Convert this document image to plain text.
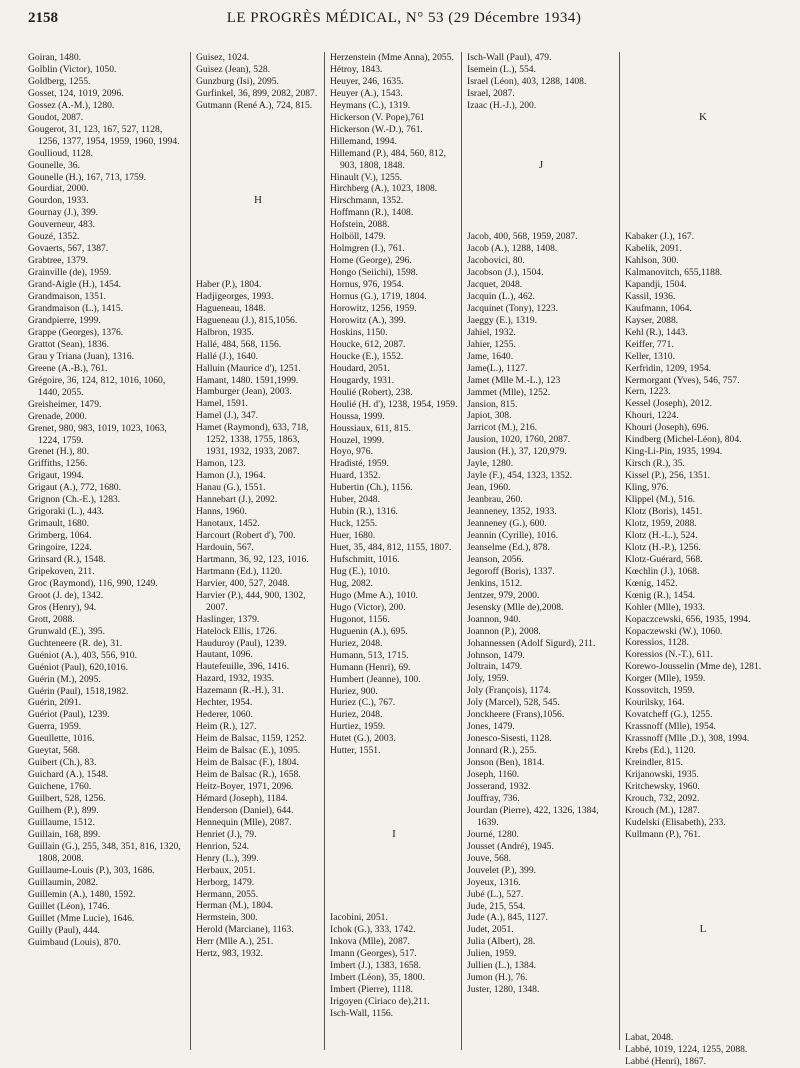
2158	LE PROGRÈS MÉDICAL, N° 53 (29 Décembre 1934)
Goiran, 1480.
Golblin (Victor), 1050.
Goldberg, 1255.
Gosset, 124, 1019, 2096.
Gossez (A.-M.), 1280.
Goudot, 2087.
Gougerot, 31, 123, 167, 527, 1128, 1256, 1377, 1954, 1959, 1960, 1994.
Goullioud, 1128.
Gounelle, 36.
Gounelle (H.), 167, 713, 1759.
Gourdiat, 2000.
Gourdon, 1933.
Gournay (J.), 399.
Gouverneur, 483.
Gouzé, 1352.
Govaerts, 567, 1387.
Grabtree, 1379.
Grainville (de), 1959.
Grand-Aigle (H.), 1454.
Grandmaison, 1351.
Grandmaison (L.), 1415.
Grandpierre, 1999.
Grappe (Georges), 1376.
Grattot (Sean), 1836.
Grau y Triana (Juan), 1316.
Greene (A.-B.), 761.
Grégoire, 36, 124, 812, 1016, 1060, 1440, 2055.
Greisheimer, 1479.
Grenade, 2000.
Grenet, 980, 983, 1019, 1023, 1063, 1224, 1759.
Grenet (H.), 80.
Griffiths, 1256.
Grigaut, 1994.
Grigaut (A.), 772, 1680.
Grignon (Ch.-E.), 1283.
Grigoraki (L.), 443.
Grimault, 1680.
Grimberg, 1064.
Gringoire, 1224.
Grinsard (R.), 1548.
Gripekoven, 211.
Groc (Raymond), 116, 990, 1249.
Groot (J. de), 1342.
Gros (Henry), 94.
Grott, 2088.
Grunwald (E.), 395.
Guchteneere (R. de), 31.
Guéniot (A.), 403, 556, 910.
Guéniot (Paul), 620,1016.
Guérin (M.), 2095.
Guérin (Paul), 1518,1982.
Guérin, 2091.
Guériot (Paul), 1239.
Guerra, 1959.
Gueullette, 1016.
Gueytat, 568.
Guibert (Ch.), 83.
Guichard (A.), 1548.
Guichene, 1760.
Guilbert, 528, 1256.
Guilhem (P.), 899.
Guillaume, 1512.
Guillain, 168, 899.
Guillain (G.), 255, 348, 351, 816, 1320, 1808, 2008.
Guillaume-Louis (P.), 303, 1686.
Guillaumin, 2082.
Guillemin (A.), 1480, 1592.
Guillet (Léon), 1746.
Guillet (Mme Lucie), 1646.
Guilly (Paul), 444.
Guimbaud (Louis), 870.
Guisez, 1024.
Guisez (Jean), 528.
Gunzburg (Isi), 2095.
Gurfinkel, 36, 899, 2082, 2087.
Gutmann (René A.), 724, 815.
H
Haber (P.), 1804.
Hadjigeorges, 1993.
Hagueneau, 1848.
Hagueneau (J.), 815,1056.
Halbron, 1935.
Hallé, 484, 568, 1156.
Hallé (J.), 1640.
Halluin (Maurice d'), 1251.
Hamant, 1480. 1591,1999.
Hamburger (Jean), 2003.
Hamel, 1591.
Hamel (J.), 347.
Hamet (Raymond), 633, 718, 1252, 1338, 1755, 1863, 1931, 1932, 1933, 2087.
Hamon, 123.
Hamon (J.), 1964.
Hanau (G.), 1551.
Hannebart (J.), 2092.
Hanns, 1960.
Hanotaux, 1452.
Harcourt (Robert d'), 700.
Hardouin, 567.
Hartmann, 36, 92, 123, 1016.
Hartmann (Ed.), 1120.
Harvier, 400, 527, 2048.
Harvier (P.), 444, 900, 1302, 2007.
Haslinger, 1379.
Hatelock Ellis, 1726.
Hauduroy (Paul), 1239.
Hautant, 1096.
Hautefeuille, 396, 1416.
Hazard, 1932, 1935.
Hazemann (R.-H.), 31.
Hechter, 1954.
Hederer, 1060.
Heim (R.), 127.
Heim de Balsac, 1159, 1252.
Heim de Balsac (E.), 1095.
Heim de Balsac (F.), 1804.
Heim de Balsac (R.), 1658.
Heitz-Boyer, 1971, 2096.
Hémard (Joseph), 1184.
Henderson (Daniel), 644.
Hennequin (Mlle), 2087.
Henriet (J.), 79.
Henrion, 524.
Henry (L.), 399.
Herbaux, 2051.
Herborg, 1479.
Hermann, 2055.
Herman (M.), 1804.
Hermstein, 300.
Herold (Marciane), 1163.
Herr (Mlle A.), 251.
Hertz, 983, 1932.
Herzenstein (Mme Anna), 2055.
Hétroy, 1843.
Heuyer, 246, 1635.
Heuyer (A.), 1543.
Heymans (C.), 1319.
Hickerson (V. Pope),761
Hickerson (W.-D.), 761.
Hillemand, 1994.
Hillemand (P.), 484, 560, 812, 903, 1808, 1848.
Hinault (V.), 1255.
Hirchberg (A.), 1023, 1808.
Hirschmann, 1352.
Hoffmann (R.), 1408.
Hofstein, 2088.
Holböll, 1479.
Holmgren (I.), 761.
Home (George), 296.
Hongo (Seiichi), 1598.
Hornus, 976, 1954.
Hornus (G.), 1719, 1804.
Horowitz, 1256, 1959.
Horowitz (A.), 399.
Hoskins, 1150.
Houcke, 612, 2087.
Houcke (E.), 1552.
Houdard, 2051.
Hougardy, 1931.
Houlié (Robert), 238.
Houlié (H. d'), 1238, 1954, 1959.
Houssa, 1999.
Houssiaux, 611, 815.
Houzel, 1999.
Hoyo, 976.
Hradisté, 1959.
Huard, 1352.
Hubertin (Ch.), 1156.
Huber, 2048.
Hubin (R.), 1316.
Huck, 1255.
Huer, 1680.
Huet, 35, 484, 812, 1155, 1807.
Hufschmitt, 1016.
Hug (E.), 1010.
Hug, 2082.
Hugo (Mme A.), 1010.
Hugo (Victor), 200.
Hugonot, 1156.
Huguenin (A.), 695.
Huriez, 2048.
Humann, 513, 1715.
Humann (Henri), 69.
Humbert (Jeanne), 100.
Huriez, 900.
Huriez (C.), 767.
Huriez, 2048.
Hurtiez, 1959.
Hutet (G.), 2003.
Hutter, 1551.
I
Iacobini, 2051.
Ichok (G.), 333, 1742.
Inkova (Mlle), 2087.
Imann (Georges), 517.
Imbert (J.), 1383, 1658.
Imbert (Léon), 35, 1800.
Imbert (Pierre), 1118.
Irigoyen (Ciriaco de),211.
Isch-Wall, 1156.
Isch-Wall (Paul), 479.
Isemein (L.), 554.
Israel (Léon), 403, 1288, 1408.
Israel, 2087.
Izaac (H.-J.), 200.
J
Jacob, 400, 568, 1959, 2087.
Jacob (A.), 1288, 1408.
Jacobovici, 80.
Jacobson (J.), 1504.
Jacquet, 2048.
Jacquin (L.), 462.
Jacquinet (Tony), 1223.
Jaeggy (E.), 1319.
Jahiel, 1932.
Jahier, 1255.
Jame, 1640.
Jame(L.), 1127.
Jamet (Mlle M.-L.), 123
Jammet (Mlle), 1252.
Jansion, 815.
Japiot, 308.
Jarricot (M.), 216.
Jausion, 1020, 1760, 2087.
Jausion (H.), 37, 120,979.
Jayle, 1280.
Jayle (F.), 454, 1323, 1352.
Jean, 1960.
Jeanbrau, 260.
Jeanneney, 1352, 1933.
Jeanneney (G.), 600.
Jeannin (Cyrille), 1016.
Jeanselme (Ed.), 878.
Jeanson, 2056.
Jegoroff (Boris), 1337.
Jenkins, 1512.
Jentzer, 979, 2000.
Jesensky (Mlle de),2008.
Joannon, 940.
Joannon (P.), 2008.
Johannessen (Adolf Sigurd), 211.
Johnson, 1479.
Joltrain, 1479.
Joly, 1959.
Joly (François), 1174.
Joly (Marcel), 528, 545.
Jonckheere (Frans),1056.
Jones, 1479.
Jonesco-Sisesti, 1128.
Jonnard (R.), 255.
Jonson (Ben), 1814.
Joseph, 1160.
Josserand, 1932.
Jouffray, 736.
Jourdan (Pierre), 422, 1326, 1384, 1639.
Journé, 1280.
Jousset (André), 1945.
Jouve, 568.
Jouvelet (P.), 399.
Joyeux, 1316.
Jubé (L.), 527.
Jude, 215, 554.
Jude (A.), 845, 1127.
Judet, 2051.
Julia (Albert), 28.
Julien, 1959.
Jullien (L.), 1384.
Jumon (H.), 76.
Juster, 1280, 1348.
K
Kabaker (J.), 167.
Kabelik, 2091.
Kahlson, 300.
Kalmanovitch, 655,1188.
Kapandji, 1504.
Kassil, 1936.
Kaufmann, 1064.
Kayser, 2088.
Kehl (R.), 1443.
Keiffer, 771.
Keller, 1310.
Kerfridin, 1209, 1954.
Kermorgant (Yves), 546, 757.
Kern, 1223.
Kessel (Joseph), 2012.
Khouri, 1224.
Khouri (Joseph), 696.
Kindberg (Michel-Léon), 804.
King-Li-Pin, 1935, 1994.
Kirsch (R.), 35.
Kissel (P.), 256, 1351.
Kling, 976.
Klippel (M.), 516.
Klotz (Boris), 1451.
Klotz, 1959, 2088.
Klotz (H.-L.), 524.
Klotz (H.-P.), 1256.
Klotz-Guérard, 568.
Kœchlin (J.), 1068.
Kœnig, 1452.
Kœnig (R.), 1454.
Kohler (Mlle), 1933.
Kopaczcewski, 656, 1935, 1994.
Kopaczewski (W.), 1060.
Koressios, 1128.
Koressios (N.-T.), 611.
Korewo-Jousselin (Mme de), 1281.
Korger (Mlle), 1959.
Kossovitch, 1959.
Kourilsky, 164.
Kovatcheff (G.), 1255.
Krassnoff (Mlle), 1954.
Krassnoff (Mlle ,D.), 308, 1994.
Krebs (Ed.), 1120.
Kreindler, 815.
Krijanowski, 1935.
Kritchewsky, 1960.
Krouch, 732, 2092.
Krouch (M.), 1287.
Kudelski (Elisabeth), 233.
Kullmann (P.), 761.
L
Labat, 2048.
Labbé, 1019, 1224, 1255, 2088.
Labbé (Henri), 1867.
